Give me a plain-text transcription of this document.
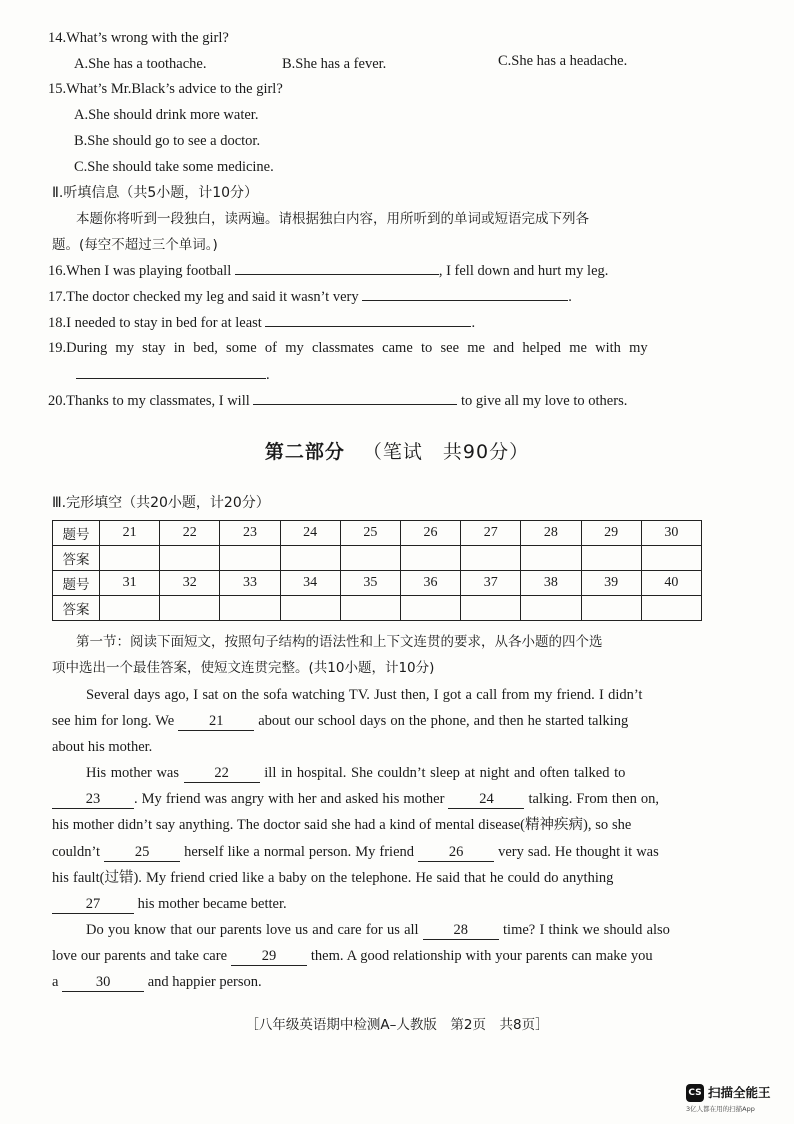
14.What’s wrong with the girl?
A.She has a toothache.	B.She has a fever.	C.She has a headache.
15.What’s Mr.Black’s advice to the girl?
A.She should drink more water.
B.She should go to see a doctor.
C.She should take some medicine.
Ⅱ.听填信息（共5小题，计10分）
本题你将听到一段独白，读两遍。请根据独白内容，用所听到的单词或短语完成下列各
题。(每空不超过三个单词。)
16.When I was playing football	, I fell down and hurt my leg.
17.The doctor checked my leg and said it wasn’t very	.
18.I needed to stay in bed for at least	.
19.During my stay in bed, some of my classmates came to see me and helped me with my
.
20.Thanks to my classmates, I will	to give all my love to others.
第二部分 （笔试　共90分）
Ⅲ.完形填空（共20小题，计20分）
题号	21	22	23	24	25	26	27	28	29	30
答案										
题号	31	32	33	34	35	36	37	38	39	40
答案										
第一节：阅读下面短文，按照句子结构的语法性和上下文连贯的要求，从各小题的四个选
项中选出一个最佳答案，使短文连贯完整。(共10小题，计10分)
Several days ago, I sat on the sofa watching TV. Just then, I got a call from my friend. I didn’t
see him for long. We 21 about our school days on the phone, and then he started talking
about his mother.
His mother was 22 ill in hospital. She couldn’t sleep at night and often talked to
23 . My friend was angry with her and asked his mother 24 talking. From then on,
his mother didn’t say anything. The doctor said she had a kind of mental disease(精神疾病), so she
couldn’t 25 herself like a normal person. My friend 26 very sad. He thought it was
his fault(过错). My friend cried like a baby on the telephone. He said that he could do anything
27	his mother became better.
Do you know that our parents love us and care for us all 28 time? I think we should also
love our parents and take care 29 them. A good relationship with your parents can make you
a	30	and happier person.
［八年级英语期中检测A–人教版　第2页　共8页］
CS 扫描全能王
3亿人都在用的扫描App
